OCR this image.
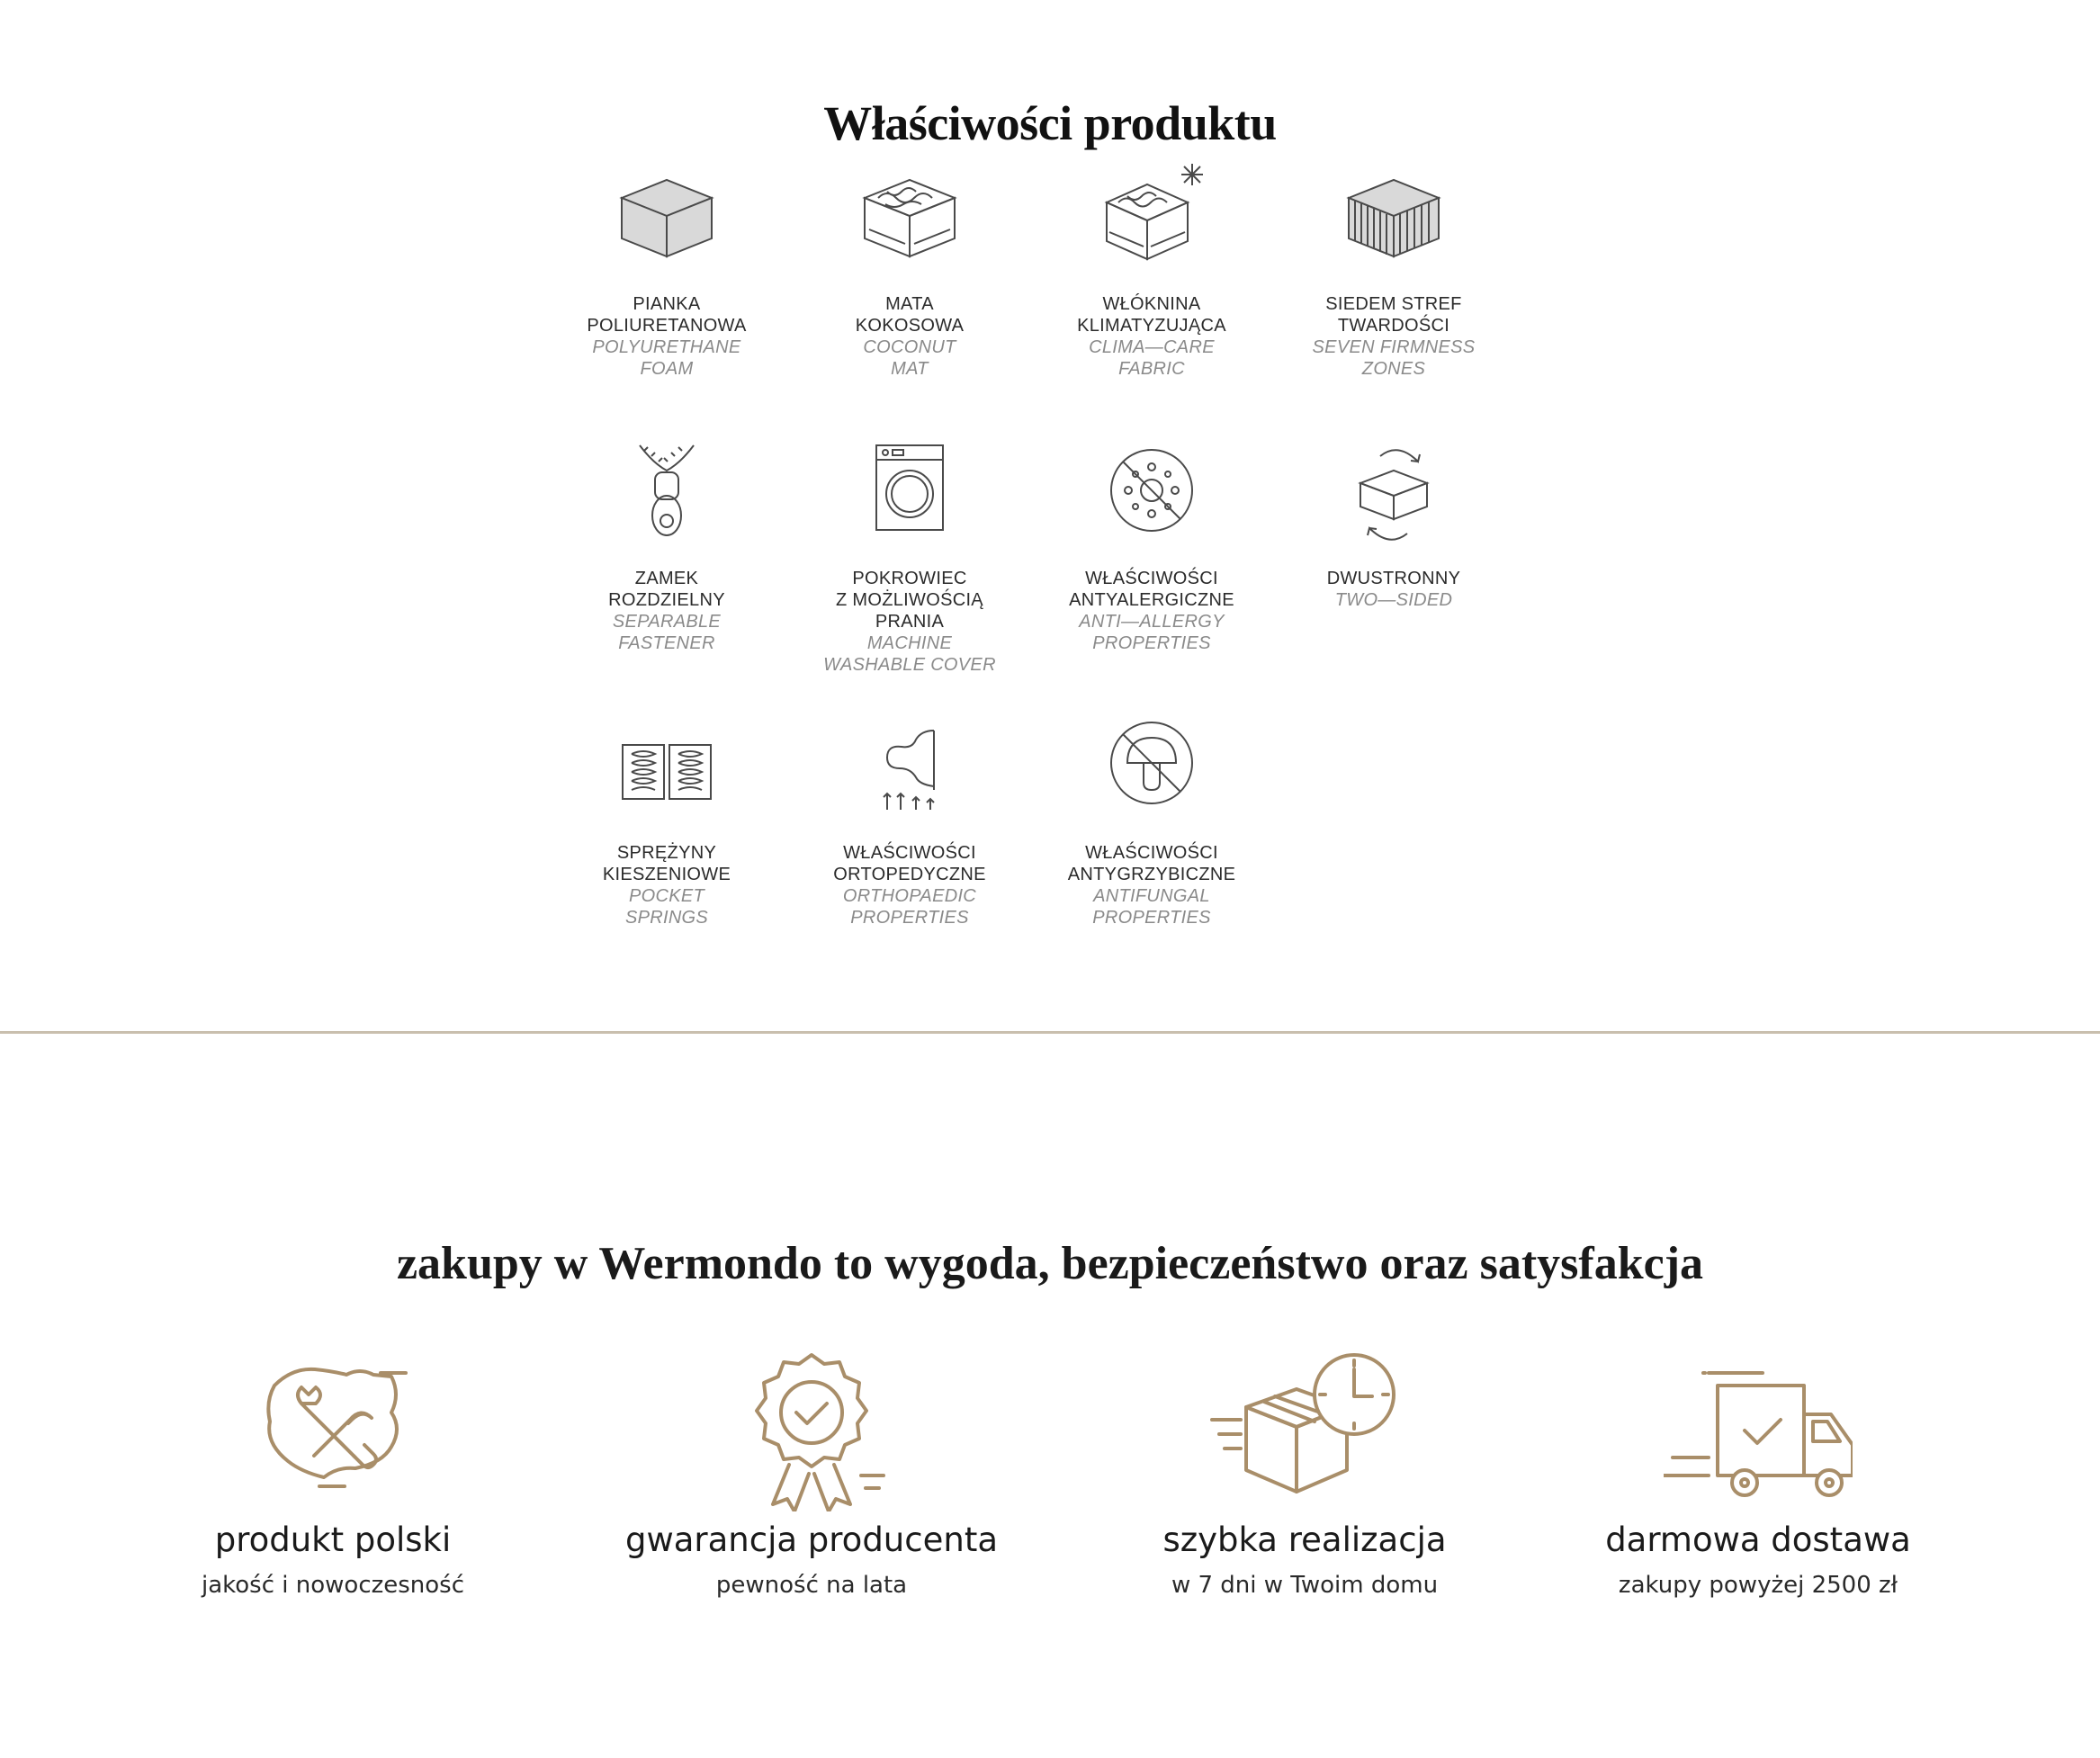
Właściwości produktu
PIANKA
POLIURETANOWA
POLYURETHANE
FOAM
MATA
KOKOSOWA
COCONUT
MAT
WŁÓKNINA
KLIMATYZUJĄCA
CLIMA—CARE
FABRIC
SIEDEM STREF
TWARDOŚCI
SEVEN FIRMNESS
ZONES
ZAMEK
ROZDZIELNY
SEPARABLE
FASTENER
POKROWIEC
Z MOŻLIWOŚCIĄ
PRANIA
MACHINE
WASHABLE COVER
WŁAŚCIWOŚCI
ANTYALERGICZNE
ANTI—ALLERGY
PROPERTIES
DWUSTRONNY
TWO—SIDED
SPRĘŻYNY
KIESZENIOWE
POCKET
SPRINGS
WŁAŚCIWOŚCI
ORTOPEDYCZNE
ORTHOPAEDIC
PROPERTIES
WŁAŚCIWOŚCI
ANTYGRZYBICZNE
ANTIFUNGAL
PROPERTIES
zakupy w Wermondo to wygoda, bezpieczeństwo oraz satysfakcja
produkt polski
jakość i nowoczesność
gwarancja producenta
pewność na lata
szybka realizacja
w 7 dni w Twoim domu
darmowa dostawa
zakupy powyżej 2500 zł
